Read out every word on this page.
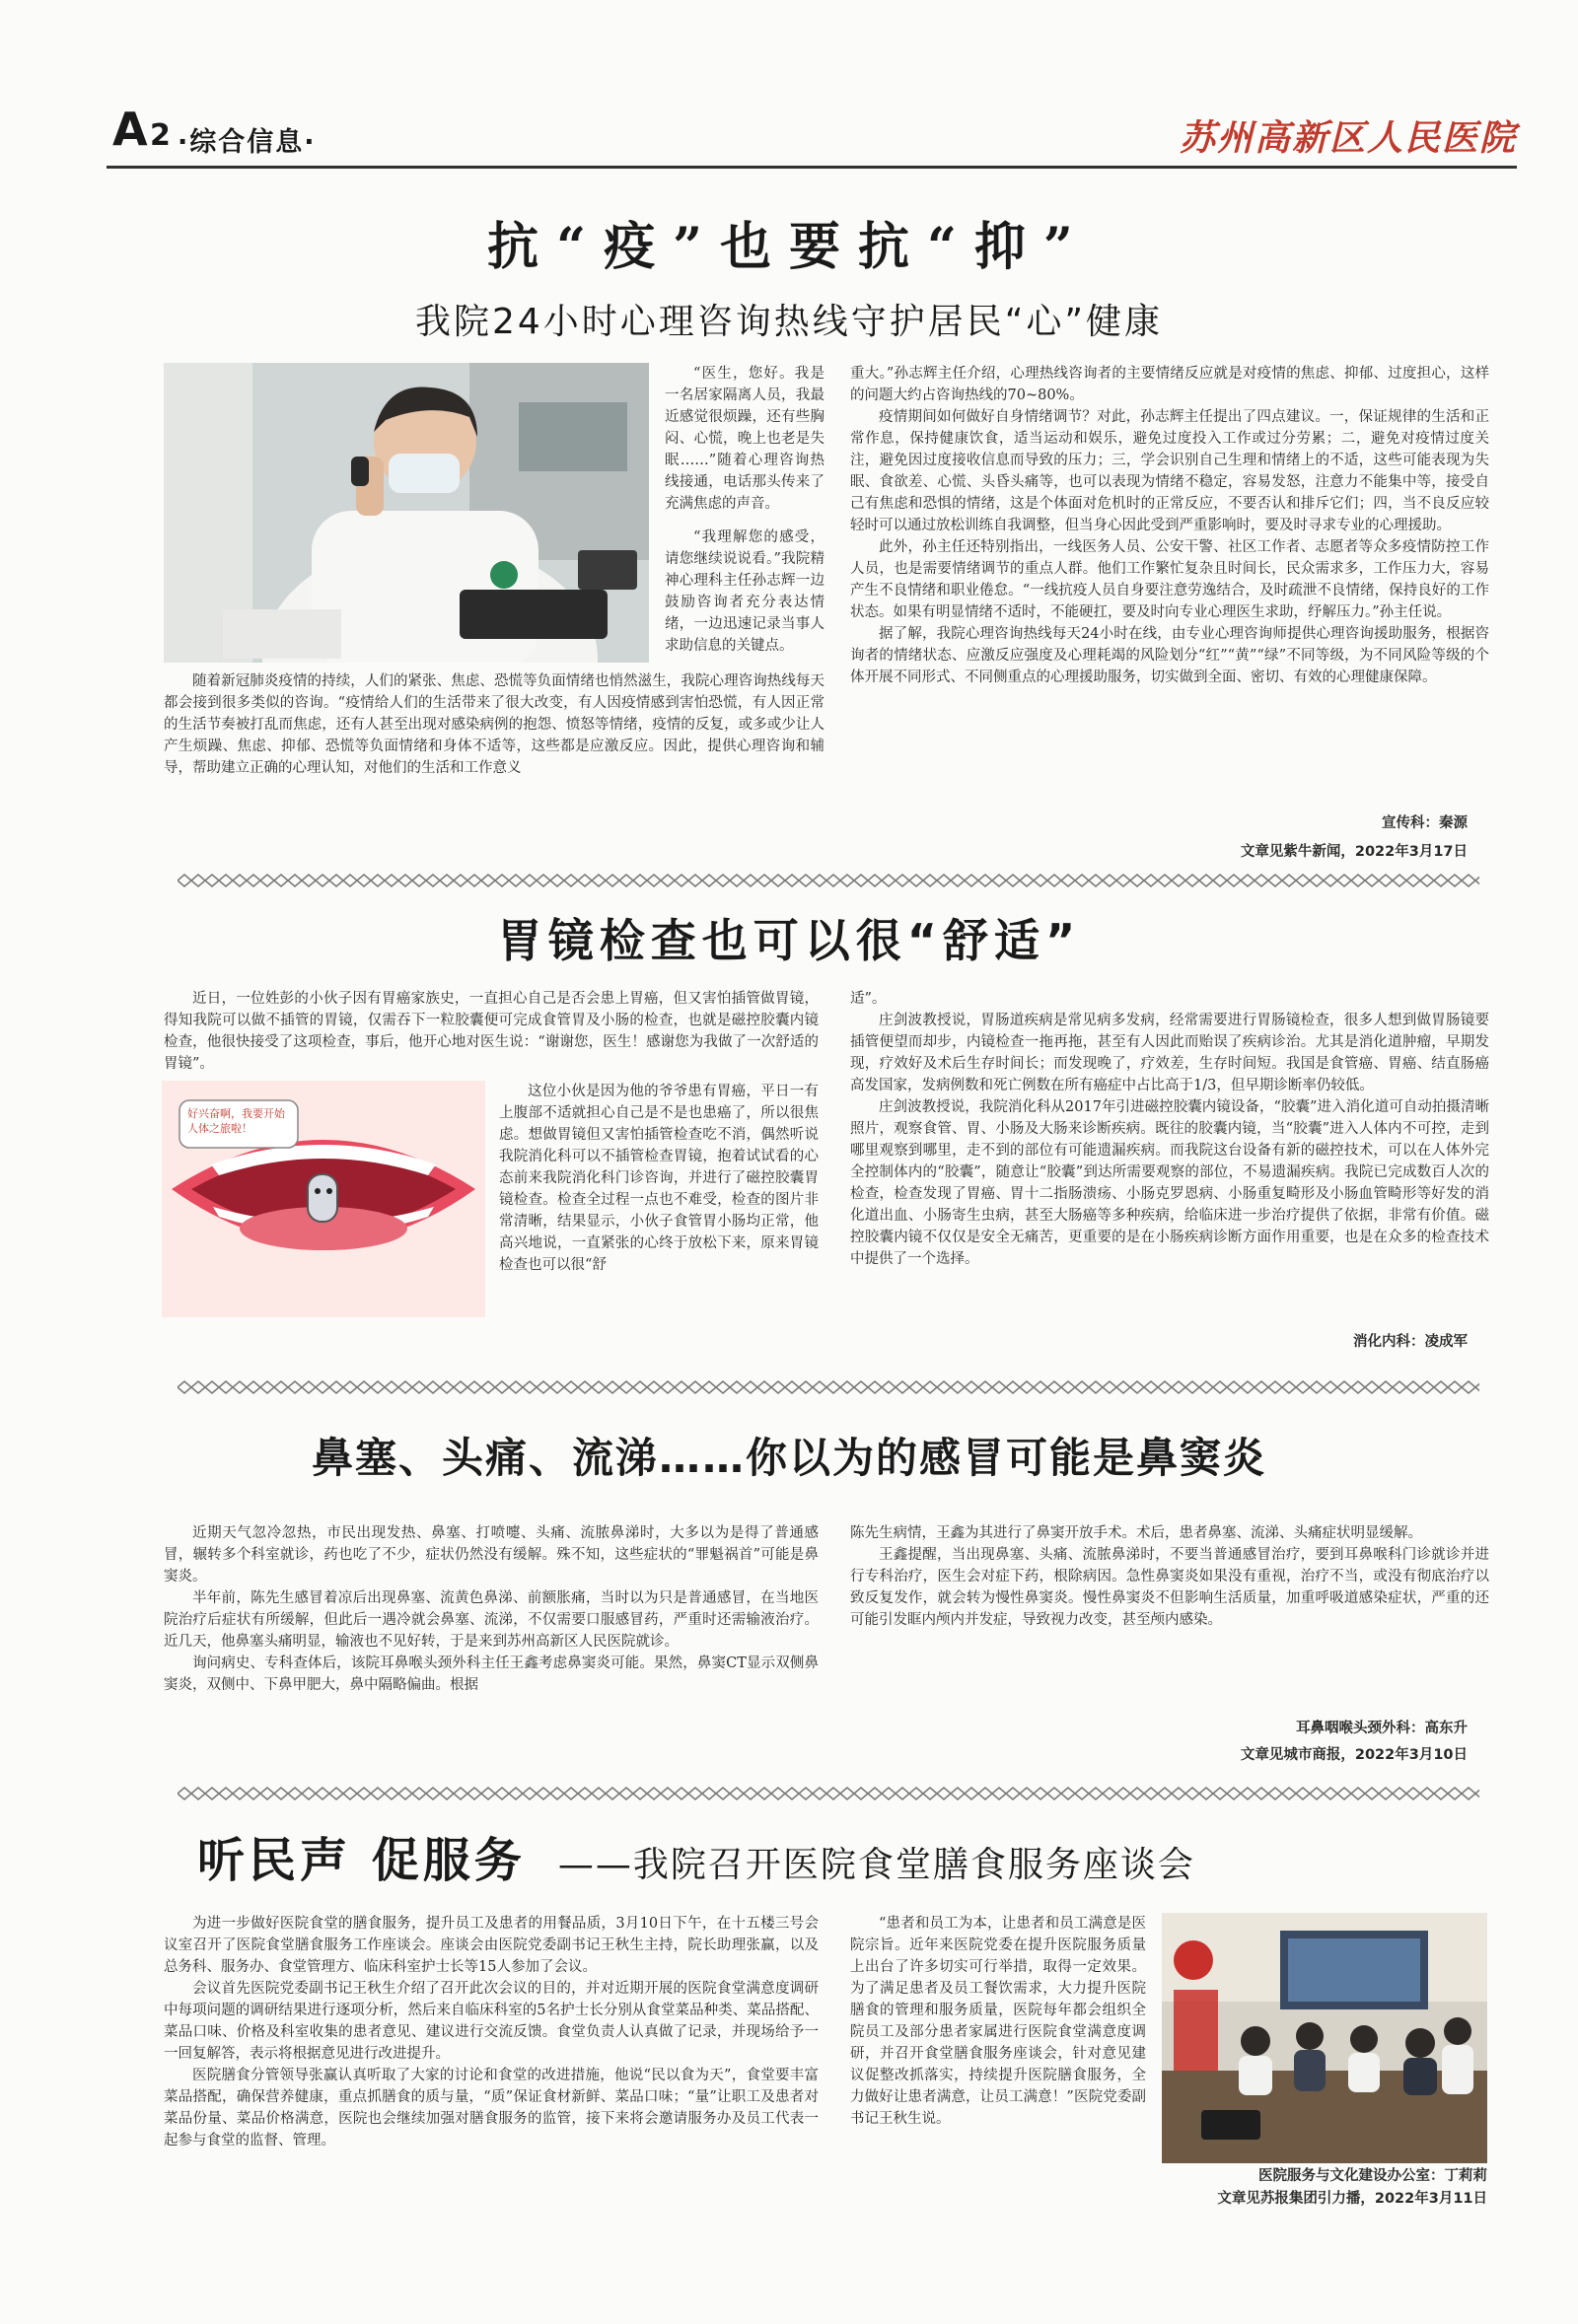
A 2 ·综合信息·	苏州高新区人民医院
抗“疫”也要抗“抑”
我院24小时心理咨询热线守护居民“心”健康

“医生，您好。我是一名居家隔离人员，我最近感觉很烦躁，还有些胸闷、心慌，晚上也老是失眠……”随着心理咨询热线接通，电话那头传来了充满焦虑的声音。

“我理解您的感受，请您继续说说看。”我院精神心理科主任孙志辉一边鼓励咨询者充分表达情绪，一边迅速记录当事人求助信息的关键点。

随着新冠肺炎疫情的持续，人们的紧张、焦虑、恐慌等负面情绪也悄然滋生，我院心理咨询热线每天都会接到很多类似的咨询。“疫情给人们的生活带来了很大改变，有人因疫情感到害怕恐慌，有人因正常的生活节奏被打乱而焦虑，还有人甚至出现对感染病例的抱怨、愤怒等情绪，疫情的反复，或多或少让人产生烦躁、焦虑、抑郁、恐慌等负面情绪和身体不适等，这些都是应激反应。因此，提供心理咨询和辅导，帮助建立正确的心理认知，对他们的生活和工作意义

重大。”孙志辉主任介绍，心理热线咨询者的主要情绪反应就是对疫情的焦虑、抑郁、过度担心，这样的问题大约占咨询热线的70~80%。

疫情期间如何做好自身情绪调节？对此，孙志辉主任提出了四点建议。一，保证规律的生活和正常作息，保持健康饮食，适当运动和娱乐，避免过度投入工作或过分劳累；二，避免对疫情过度关注，避免因过度接收信息而导致的压力；三，学会识别自己生理和情绪上的不适，这些可能表现为失眠、食欲差、心慌、头昏头痛等，也可以表现为情绪不稳定，容易发怒，注意力不能集中等，接受自己有焦虑和恐惧的情绪，这是个体面对危机时的正常反应，不要否认和排斥它们；四，当不良反应较轻时可以通过放松训练自我调整，但当身心因此受到严重影响时，要及时寻求专业的心理援助。

此外，孙主任还特别指出，一线医务人员、公安干警、社区工作者、志愿者等众多疫情防控工作人员，也是需要情绪调节的重点人群。他们工作繁忙复杂且时间长，民众需求多，工作压力大，容易产生不良情绪和职业倦怠。“一线抗疫人员自身要注意劳逸结合，及时疏泄不良情绪，保持良好的工作状态。如果有明显情绪不适时，不能硬扛，要及时向专业心理医生求助，纾解压力。”孙主任说。

据了解，我院心理咨询热线每天24小时在线，由专业心理咨询师提供心理咨询援助服务，根据咨询者的情绪状态、应激反应强度及心理耗竭的风险划分“红”“黄”“绿”不同等级，为不同风险等级的个体开展不同形式、不同侧重点的心理援助服务，切实做到全面、密切、有效的心理健康保障。

宣传科：秦源
文章见紫牛新闻，2022年3月17日
胃镜检查也可以很“舒适”

近日，一位姓彭的小伙子因有胃癌家族史，一直担心自己是否会患上胃癌，但又害怕插管做胃镜，得知我院可以做不插管的胃镜，仅需吞下一粒胶囊便可完成食管胃及小肠的检查，也就是磁控胶囊内镜检查，他很快接受了这项检查，事后，他开心地对医生说：“谢谢您，医生！感谢您为我做了一次舒适的胃镜”。

好兴奋啊，我要开始人体之旅啦！

这位小伙是因为他的爷爷患有胃癌，平日一有上腹部不适就担心自己是不是也患癌了，所以很焦虑。想做胃镜但又害怕插管检查吃不消，偶然听说我院消化科可以不插管检查胃镜，抱着试试看的心态前来我院消化科门诊咨询，并进行了磁控胶囊胃镜检查。检查全过程一点也不难受，检查的图片非常清晰，结果显示，小伙子食管胃小肠均正常，他高兴地说，一直紧张的心终于放松下来，原来胃镜检查也可以很“舒

适”。

庄剑波教授说，胃肠道疾病是常见病多发病，经常需要进行胃肠镜检查，很多人想到做胃肠镜要插管便望而却步，内镜检查一拖再拖，甚至有人因此而贻误了疾病诊治。尤其是消化道肿瘤，早期发现，疗效好及术后生存时间长；而发现晚了，疗效差，生存时间短。我国是食管癌、胃癌、结直肠癌高发国家，发病例数和死亡例数在所有癌症中占比高于1/3，但早期诊断率仍较低。

庄剑波教授说，我院消化科从2017年引进磁控胶囊内镜设备，“胶囊”进入消化道可自动拍摄清晰照片，观察食管、胃、小肠及大肠来诊断疾病。既往的胶囊内镜，当“胶囊”进入人体内不可控，走到哪里观察到哪里，走不到的部位有可能遗漏疾病。而我院这台设备有新的磁控技术，可以在人体外完全控制体内的“胶囊”，随意让“胶囊”到达所需要观察的部位，不易遗漏疾病。我院已完成数百人次的检查，检查发现了胃癌、胃十二指肠溃疡、小肠克罗恩病、小肠重复畸形及小肠血管畸形等好发的消化道出血、小肠寄生虫病，甚至大肠癌等多种疾病，给临床进一步治疗提供了依据，非常有价值。磁控胶囊内镜不仅仅是安全无痛苦，更重要的是在小肠疾病诊断方面作用重要，也是在众多的检查技术中提供了一个选择。

消化内科：凌成军
鼻塞、头痛、流涕……你以为的感冒可能是鼻窦炎

近期天气忽冷忽热，市民出现发热、鼻塞、打喷嚏、头痛、流脓鼻涕时，大多以为是得了普通感冒，辗转多个科室就诊，药也吃了不少，症状仍然没有缓解。殊不知，这些症状的“罪魁祸首”可能是鼻窦炎。

半年前，陈先生感冒着凉后出现鼻塞、流黄色鼻涕、前额胀痛，当时以为只是普通感冒，在当地医院治疗后症状有所缓解，但此后一遇冷就会鼻塞、流涕，不仅需要口服感冒药，严重时还需输液治疗。近几天，他鼻塞头痛明显，输液也不见好转，于是来到苏州高新区人民医院就诊。

询问病史、专科查体后，该院耳鼻喉头颈外科主任王鑫考虑鼻窦炎可能。果然，鼻窦CT显示双侧鼻窦炎，双侧中、下鼻甲肥大，鼻中隔略偏曲。根据

陈先生病情，王鑫为其进行了鼻窦开放手术。术后，患者鼻塞、流涕、头痛症状明显缓解。

王鑫提醒，当出现鼻塞、头痛、流脓鼻涕时，不要当普通感冒治疗，要到耳鼻喉科门诊就诊并进行专科治疗，医生会对症下药，根除病因。急性鼻窦炎如果没有重视，治疗不当，或没有彻底治疗以致反复发作，就会转为慢性鼻窦炎。慢性鼻窦炎不但影响生活质量，加重呼吸道感染症状，严重的还可能引发眶内颅内并发症，导致视力改变，甚至颅内感染。

耳鼻咽喉头颈外科：高东升
文章见城市商报，2022年3月10日
听民声 促服务 ——我院召开医院食堂膳食服务座谈会

为进一步做好医院食堂的膳食服务，提升员工及患者的用餐品质，3月10日下午，在十五楼三号会议室召开了医院食堂膳食服务工作座谈会。座谈会由医院党委副书记王秋生主持，院长助理张赢，以及总务科、服务办、食堂管理方、临床科室护士长等15人参加了会议。

会议首先医院党委副书记王秋生介绍了召开此次会议的目的，并对近期开展的医院食堂满意度调研中每项问题的调研结果进行逐项分析，然后来自临床科室的5名护士长分别从食堂菜品种类、菜品搭配、菜品口味、价格及科室收集的患者意见、建议进行交流反馈。食堂负责人认真做了记录，并现场给予一一回复解答，表示将根据意见进行改进提升。

医院膳食分管领导张赢认真听取了大家的讨论和食堂的改进措施，他说“民以食为天”，食堂要丰富菜品搭配，确保营养健康，重点抓膳食的质与量，“质”保证食材新鲜、菜品口味；“量”让职工及患者对菜品份量、菜品价格满意，医院也会继续加强对膳食服务的监管，接下来将会邀请服务办及员工代表一起参与食堂的监督、管理。

“患者和员工为本，让患者和员工满意是医院宗旨。近年来医院党委在提升医院服务质量上出台了许多切实可行举措，取得一定效果。为了满足患者及员工餐饮需求，大力提升医院膳食的管理和服务质量，医院每年都会组织全院员工及部分患者家属进行医院食堂满意度调研，并召开食堂膳食服务座谈会，针对意见建议促整改抓落实，持续提升医院膳食服务，全力做好让患者满意，让员工满意！”医院党委副书记王秋生说。

医院服务与文化建设办公室：丁莉莉
文章见苏报集团引力播，2022年3月11日
